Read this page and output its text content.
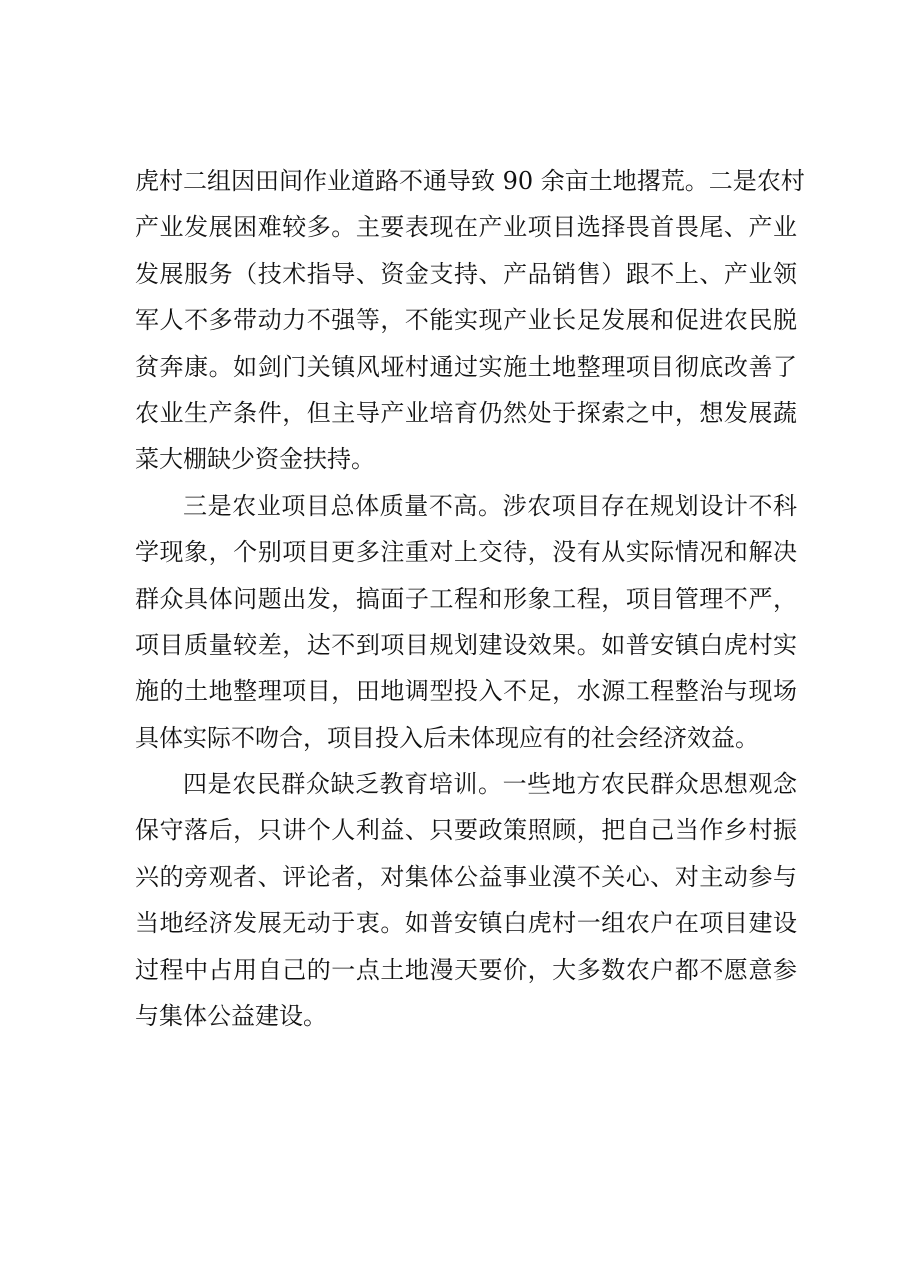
虎村二组因田间作业道路不通导致 90 余亩土地撂荒。二是农村
产业发展困难较多。主要表现在产业项目选择畏首畏尾、产业
发展服务（技术指导、资金支持、产品销售）跟不上、产业领
军人不多带动力不强等，不能实现产业长足发展和促进农民脱
贫奔康。如剑门关镇风垭村通过实施土地整理项目彻底改善了
农业生产条件，但主导产业培育仍然处于探索之中，想发展蔬
菜大棚缺少资金扶持。
三是农业项目总体质量不高。涉农项目存在规划设计不科
学现象，个别项目更多注重对上交待，没有从实际情况和解决
群众具体问题出发，搞面子工程和形象工程，项目管理不严，
项目质量较差，达不到项目规划建设效果。如普安镇白虎村实
施的土地整理项目，田地调型投入不足，水源工程整治与现场
具体实际不吻合，项目投入后未体现应有的社会经济效益。
四是农民群众缺乏教育培训。一些地方农民群众思想观念
保守落后，只讲个人利益、只要政策照顾，把自己当作乡村振
兴的旁观者、评论者，对集体公益事业漠不关心、对主动参与
当地经济发展无动于衷。如普安镇白虎村一组农户在项目建设
过程中占用自己的一点土地漫天要价，大多数农户都不愿意参
与集体公益建设。
